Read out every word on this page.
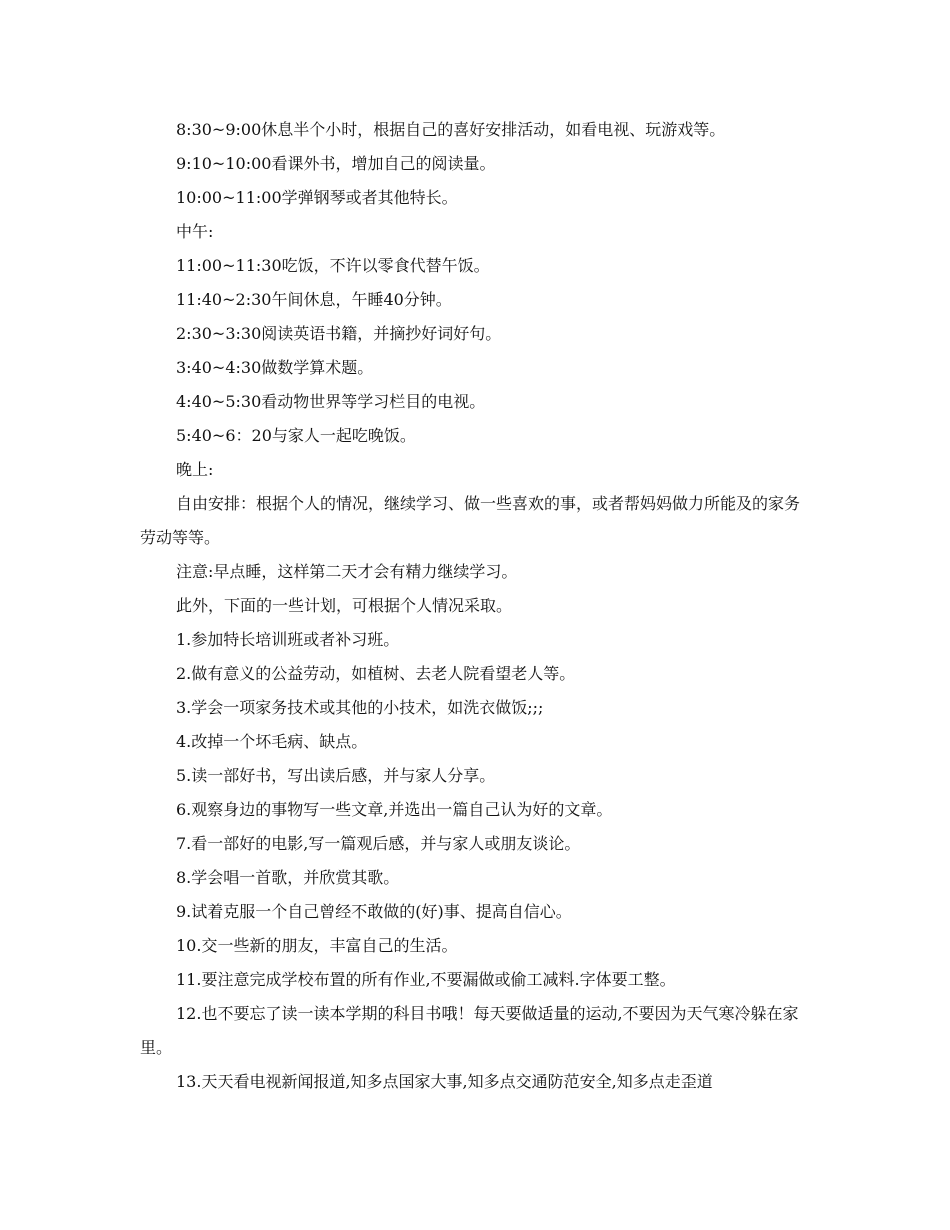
8:30~9:00休息半个小时，根据自己的喜好安排活动，如看电视、玩游戏等。

9:10~10:00看课外书，增加自己的阅读量。

10:00~11:00学弹钢琴或者其他特长。

中午:

11:00~11:30吃饭，不许以零食代替午饭。

11:40~2:30午间休息，午睡40分钟。

2:30~3:30阅读英语书籍，并摘抄好词好句。

3:40~4:30做数学算术题。

4:40~5:30看动物世界等学习栏目的电视。

5:40~6：20与家人一起吃晚饭。

晚上:

自由安排：根据个人的情况，继续学习、做一些喜欢的事，或者帮妈妈做力所能及的家务劳动等等。

注意:早点睡，这样第二天才会有精力继续学习。

此外，下面的一些计划，可根据个人情况采取。

1.参加特长培训班或者补习班。

2.做有意义的公益劳动，如植树、去老人院看望老人等。

3.学会一项家务技术或其他的小技术，如洗衣做饭;;;

4.改掉一个坏毛病、缺点。

5.读一部好书，写出读后感，并与家人分享。

6.观察身边的事物写一些文章,并选出一篇自己认为好的文章。

7.看一部好的电影,写一篇观后感，并与家人或朋友谈论。

8.学会唱一首歌，并欣赏其歌。

9.试着克服一个自己曾经不敢做的(好)事、提高自信心。

10.交一些新的朋友，丰富自己的生活。

11.要注意完成学校布置的所有作业,不要漏做或偷工减料.字体要工整。

12.也不要忘了读一读本学期的科目书哦！每天要做适量的运动,不要因为天气寒冷躲在家里。

13.天天看电视新闻报道,知多点国家大事,知多点交通防范安全,知多点走歪道
